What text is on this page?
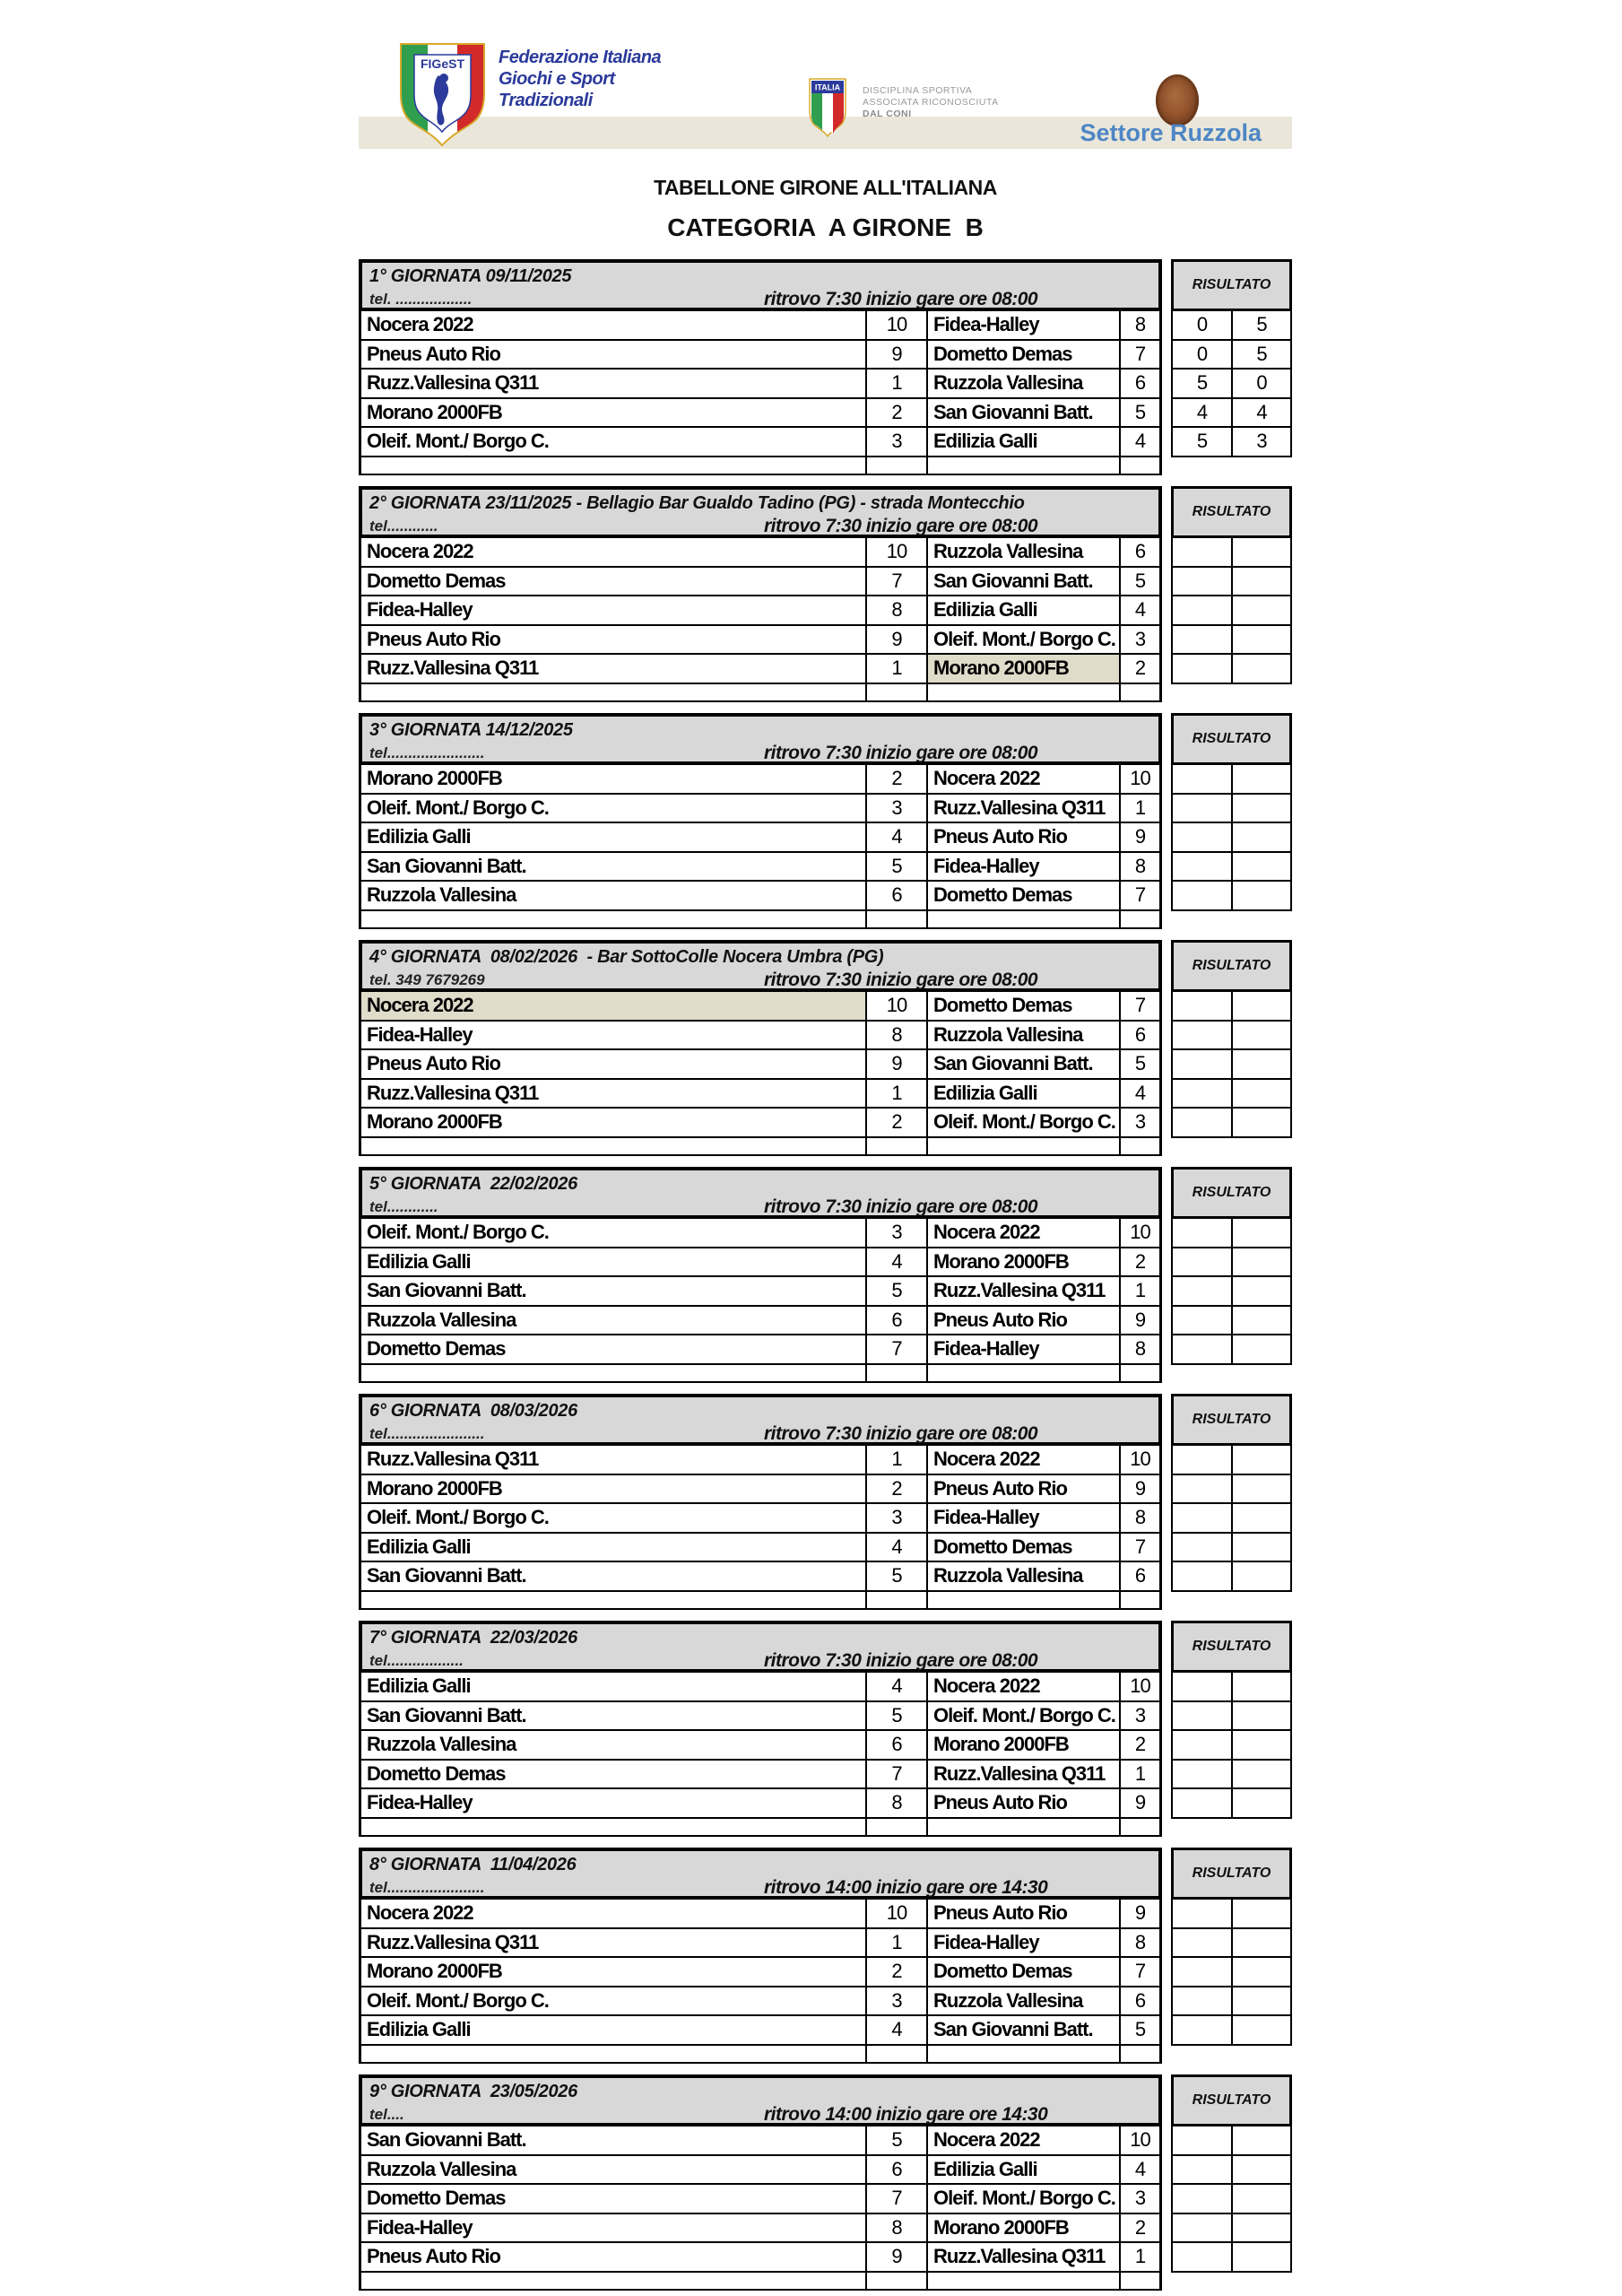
FIGeST Federazione Italiana
Giochi e Sport
Tradizionali
ITALIA DISCIPLINA SPORTIVA
ASSOCIATA RICONOSCIUTA
DAL CONI
Settore Ruzzola
TABELLONE GIRONE ALL'ITALIANA
CATEGORIA  A GIRONE  B
1° GIORNATA 09/11/2025
tel. ..................	ritrovo 7:30 inizio gare ore 08:00
RISULTATO
Nocera 2022	10	Fidea-Halley	8	0	5
Pneus Auto Rio	9	Dometto Demas	7	0	5
Ruzz.Vallesina Q311	1	Ruzzola Vallesina	6	5	0
Morano 2000FB	2	San Giovanni Batt.	5	4	4
Oleif. Mont./ Borgo C.	3	Edilizia Galli	4	5	3
2° GIORNATA 23/11/2025 - Bellagio Bar Gualdo Tadino (PG) - strada Montecchio
tel............	ritrovo 7:30 inizio gare ore 08:00
RISULTATO
Nocera 2022	10	Ruzzola Vallesina	6
Dometto Demas	7	San Giovanni Batt.	5
Fidea-Halley	8	Edilizia Galli	4
Pneus Auto Rio	9	Oleif. Mont./ Borgo C.	3
Ruzz.Vallesina Q311	1	Morano 2000FB	2
3° GIORNATA 14/12/2025
tel.......................	ritrovo 7:30 inizio gare ore 08:00
RISULTATO
Morano 2000FB	2	Nocera 2022	10
Oleif. Mont./ Borgo C.	3	Ruzz.Vallesina Q311	1
Edilizia Galli	4	Pneus Auto Rio	9
San Giovanni Batt.	5	Fidea-Halley	8
Ruzzola Vallesina	6	Dometto Demas	7
4° GIORNATA  08/02/2026  - Bar SottoColle Nocera Umbra (PG)
tel. 349 7679269	ritrovo 7:30 inizio gare ore 08:00
RISULTATO
Nocera 2022	10	Dometto Demas	7
Fidea-Halley	8	Ruzzola Vallesina	6
Pneus Auto Rio	9	San Giovanni Batt.	5
Ruzz.Vallesina Q311	1	Edilizia Galli	4
Morano 2000FB	2	Oleif. Mont./ Borgo C.	3
5° GIORNATA  22/02/2026
tel............	ritrovo 7:30 inizio gare ore 08:00
RISULTATO
Oleif. Mont./ Borgo C.	3	Nocera 2022	10
Edilizia Galli	4	Morano 2000FB	2
San Giovanni Batt.	5	Ruzz.Vallesina Q311	1
Ruzzola Vallesina	6	Pneus Auto Rio	9
Dometto Demas	7	Fidea-Halley	8
6° GIORNATA  08/03/2026
tel.......................	ritrovo 7:30 inizio gare ore 08:00
RISULTATO
Ruzz.Vallesina Q311	1	Nocera 2022	10
Morano 2000FB	2	Pneus Auto Rio	9
Oleif. Mont./ Borgo C.	3	Fidea-Halley	8
Edilizia Galli	4	Dometto Demas	7
San Giovanni Batt.	5	Ruzzola Vallesina	6
7° GIORNATA  22/03/2026
tel..................	ritrovo 7:30 inizio gare ore 08:00
RISULTATO
Edilizia Galli	4	Nocera 2022	10
San Giovanni Batt.	5	Oleif. Mont./ Borgo C.	3
Ruzzola Vallesina	6	Morano 2000FB	2
Dometto Demas	7	Ruzz.Vallesina Q311	1
Fidea-Halley	8	Pneus Auto Rio	9
8° GIORNATA  11/04/2026
tel.......................	ritrovo 14:00 inizio gare ore 14:30
RISULTATO
Nocera 2022	10	Pneus Auto Rio	9
Ruzz.Vallesina Q311	1	Fidea-Halley	8
Morano 2000FB	2	Dometto Demas	7
Oleif. Mont./ Borgo C.	3	Ruzzola Vallesina	6
Edilizia Galli	4	San Giovanni Batt.	5
9° GIORNATA  23/05/2026
tel....	ritrovo 14:00 inizio gare ore 14:30
RISULTATO
San Giovanni Batt.	5	Nocera 2022	10
Ruzzola Vallesina	6	Edilizia Galli	4
Dometto Demas	7	Oleif. Mont./ Borgo C.	3
Fidea-Halley	8	Morano 2000FB	2
Pneus Auto Rio	9	Ruzz.Vallesina Q311	1
